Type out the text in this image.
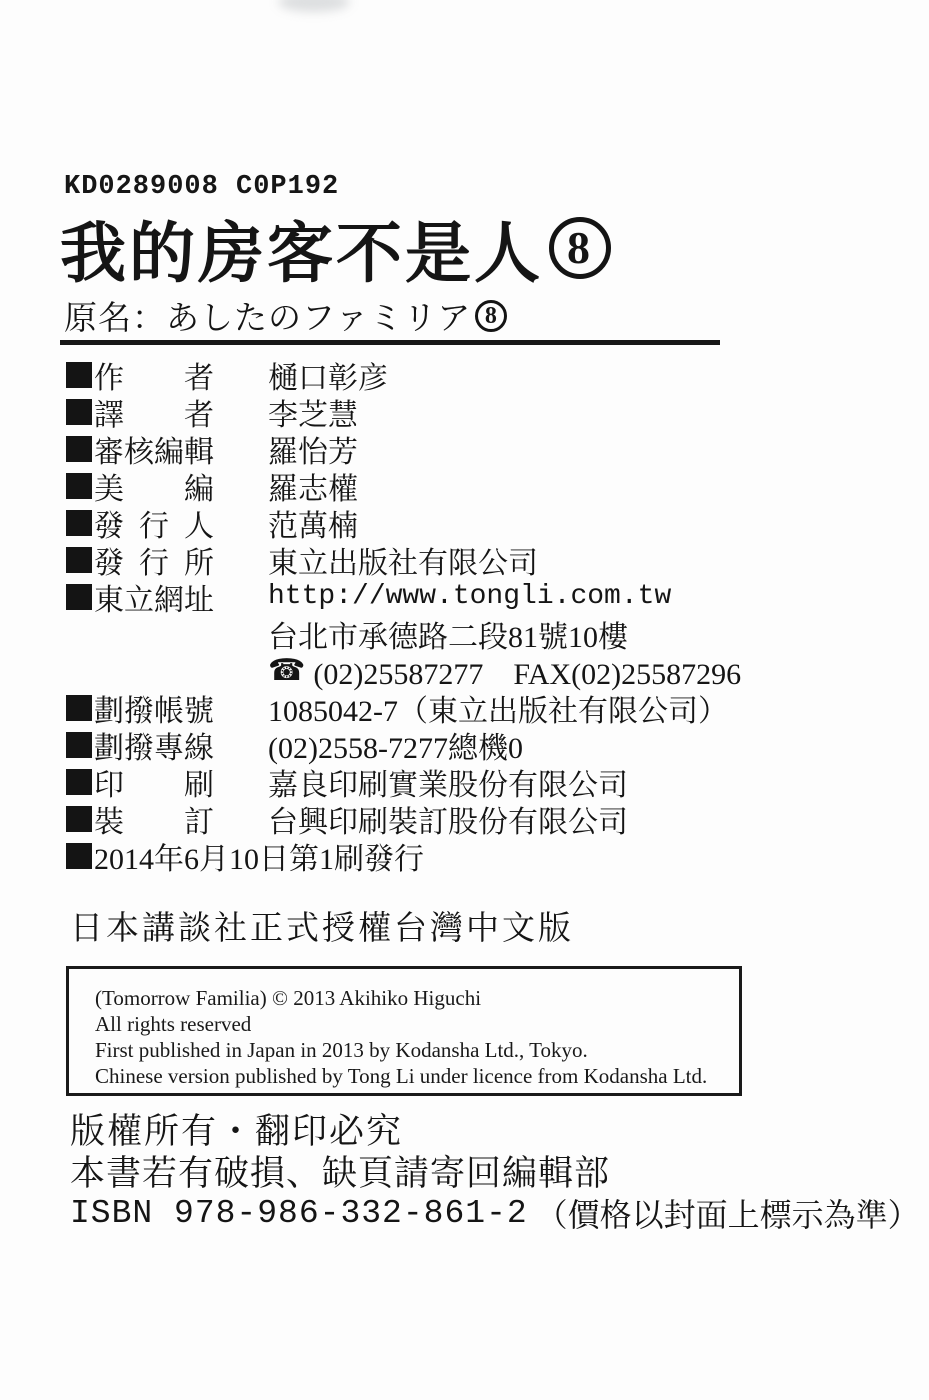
KD0289008 C0P192
我的房客不是人 8
原名：あしたのファミリア 8
作　　者	樋口彰彦
譯　　者	李芝慧
審核編輯	羅怡芳
美　　編	羅志權
發 行 人	范萬楠
發 行 所	東立出版社有限公司
東立網址	http://www.tongli.com.tw
台北市承德路二段81號10樓
☎ (02)25587277　FAX(02)25587296
劃撥帳號	1085042-7（東立出版社有限公司）
劃撥專線	(02)2558-7277總機0
印　　刷	嘉良印刷實業股份有限公司
裝　　訂	台興印刷裝訂股份有限公司
2014年6月10日第1刷發行
日本講談社正式授權台灣中文版
(Tomorrow Familia) © 2013 Akihiko Higuchi
All rights reserved
First published in Japan in 2013 by Kodansha Ltd., Tokyo.
Chinese version published by Tong Li under licence from Kodansha Ltd.
版權所有・翻印必究
本書若有破損、缺頁請寄回編輯部
ISBN 978-986-332-861-2 （價格以封面上標示為準）
